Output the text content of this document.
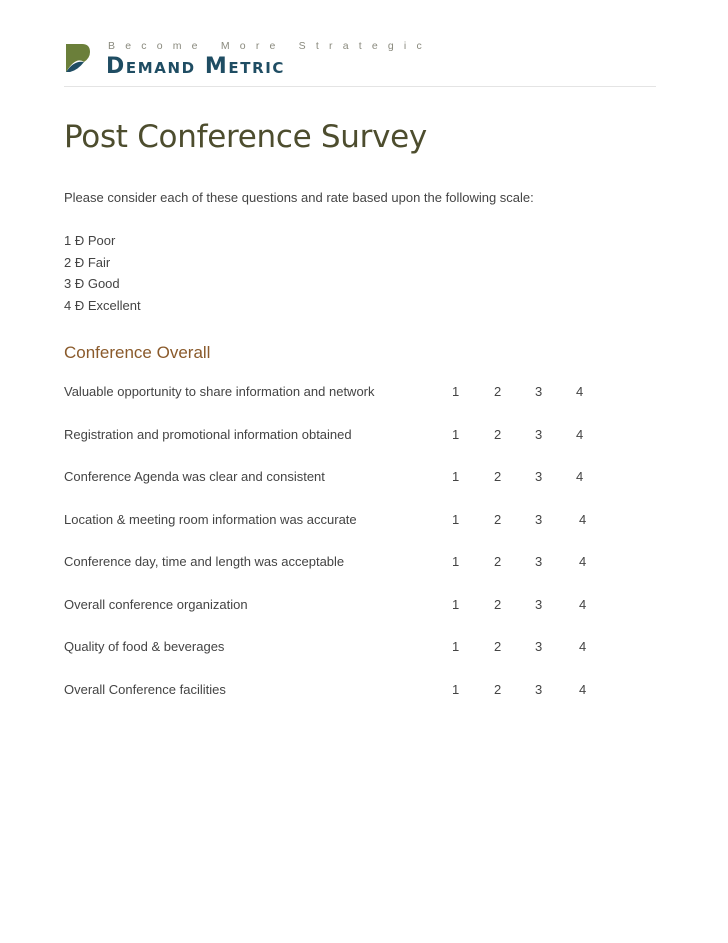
Become More Strategic
Demand Metric
Post Conference Survey
Please consider each of these questions and rate based upon the following scale:
1 Ð Poor
2 Ð Fair
3 Ð Good
4 Ð Excellent
Conference Overall
Valuable opportunity to share information and network	1	2	3	4
Registration and promotional information obtained	1	2	3	4
Conference Agenda was clear and consistent	1	2	3	4
Location & meeting room information was accurate	1	2	3	4
Conference day, time and length was acceptable	1	2	3	4
Overall conference organization	1	2	3	4
Quality of food & beverages	1	2	3	4
Overall Conference facilities	1	2	3	4
